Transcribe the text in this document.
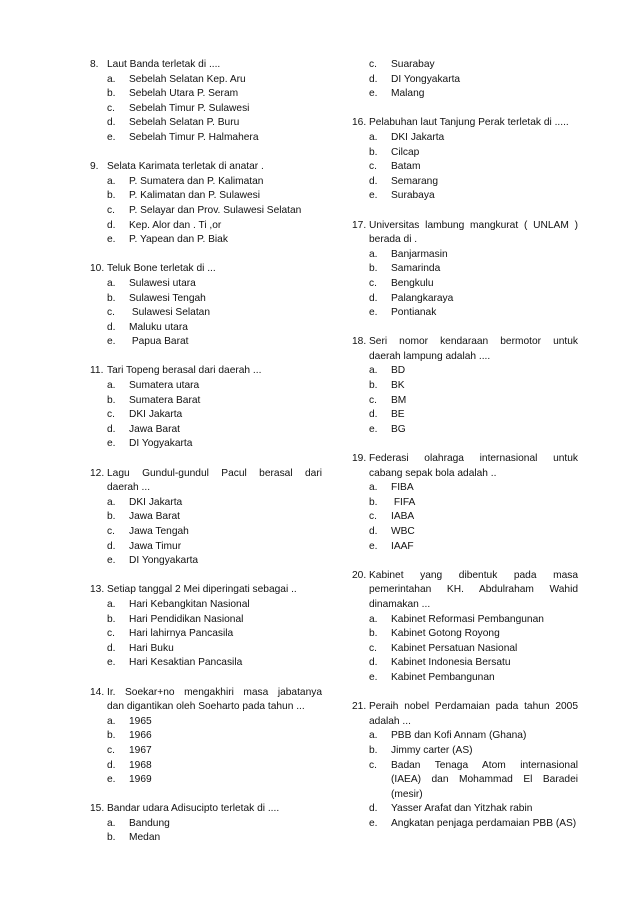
8. Laut Banda terletak di ....
a.	Sebelah Selatan Kep. Aru
b.	Sebelah Utara P. Seram
c.	Sebelah Timur P. Sulawesi
d.	Sebelah Selatan P. Buru
e.	Sebelah Timur P. Halmahera
9. Selata Karimata terletak di anatar .
a.	P. Sumatera dan P. Kalimatan
b.	P. Kalimatan dan P. Sulawesi
c.	P. Selayar dan Prov. Sulawesi Selatan
d.	Kep. Alor dan . Ti ,or
e.	P. Yapean dan P. Biak
10. Teluk Bone terletak di ...
a.	Sulawesi utara
b.	Sulawesi Tengah
c.	Sulawesi Selatan
d.	Maluku utara
e.	Papua Barat
11. Tari Topeng berasal dari daerah ...
a.	Sumatera utara
b.	Sumatera Barat
c.	DKI Jakarta
d.	Jawa Barat
e.	DI Yogyakarta
12. Lagu Gundul-gundul Pacul berasal dari
daerah ...
a.	DKI Jakarta
b.	Jawa Barat
c.	Jawa Tengah
d.	Jawa Timur
e.	DI Yongyakarta
13. Setiap tanggal 2 Mei diperingati sebagai ..
a.	Hari Kebangkitan Nasional
b.	Hari Pendidikan Nasional
c.	Hari lahirnya Pancasila
d.	Hari Buku
e.	Hari Kesaktian Pancasila
14. Ir. Soekar+no mengakhiri masa jabatanya
dan digantikan oleh Soeharto pada tahun ...
a.	1965
b.	1966
c.	1967
d.	1968
e.	1969
15. Bandar udara Adisucipto terletak di ....
a.	Bandung
b.	Medan
c.	Suarabay
d.	DI Yongyakarta
e.	Malang
16. Pelabuhan laut Tanjung Perak terletak di .....
a.	DKI Jakarta
b.	Cilcap
c.	Batam
d.	Semarang
e.	Surabaya
17. Universitas lambung mangkurat ( UNLAM )
berada di .
a.	Banjarmasin
b.	Samarinda
c.	Bengkulu
d.	Palangkaraya
e.	Pontianak
18. Seri nomor kendaraan bermotor untuk
daerah lampung adalah ....
a.	BD
b.	BK
c.	BM
d.	BE
e.	BG
19. Federasi olahraga internasional untuk
cabang sepak bola adalah ..
a.	FIBA
b.	FIFA
c.	IABA
d.	WBC
e.	IAAF
20. Kabinet yang dibentuk pada masa
pemerintahan KH. Abdulraham Wahid
dinamakan ...
a.	Kabinet Reformasi Pembangunan
b.	Kabinet Gotong Royong
c.	Kabinet Persatuan Nasional
d.	Kabinet Indonesia Bersatu
e.	Kabinet Pembangunan
21. Peraih nobel Perdamaian pada tahun 2005
adalah ...
a.	PBB dan Kofi Annam (Ghana)
b.	Jimmy carter (AS)
c.	Badan Tenaga Atom internasional
(IAEA) dan Mohammad El Baradei
(mesir)
d.	Yasser Arafat dan Yitzhak rabin
e.	Angkatan penjaga perdamaian PBB (AS)
